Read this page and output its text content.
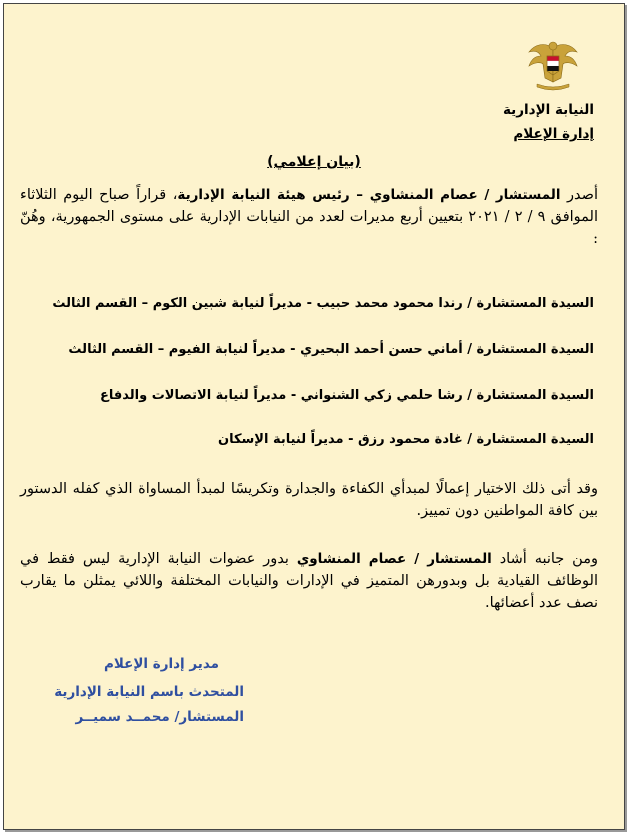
النيابة الإدارية
إدارة الإعلام
(بيان إعلامي)

أصدر المستشار / عصام المنشاوي – رئيس هيئة النيابة الإدارية، قراراً صباح اليوم الثلاثاء الموافق ٩ / ٢ / ٢٠٢١ بتعيين أربع مديرات لعدد من النيابات الإدارية على مستوى الجمهورية، وهُنّ :

السيدة المستشارة / رندا محمود محمد حبيب - مديراً لنيابة شبين الكوم – القسم الثالث
السيدة المستشارة / أماني حسن أحمد البحيري - مديراً لنيابة الفيوم – القسم الثالث
السيدة المستشارة / رشا حلمي زكي الشنواني - مديراً لنيابة الاتصالات والدفاع
السيدة المستشارة / غادة محمود رزق - مديراً لنيابة الإسكان

وقد أتى ذلك الاختيار إعمالًا لمبدأي الكفاءة والجدارة وتكريسًا لمبدأ المساواة الذي كفله الدستور بين كافة المواطنين دون تمييز.

ومن جانبه أشاد المستشار / عصام المنشاوي بدور عضوات النيابة الإدارية ليس فقط في الوظائف القيادية بل وبدورهن المتميز في الإدارات والنيابات المختلفة واللائي يمثلن ما يقارب نصف عدد أعضائها.

مدير إدارة الإعلام
المتحدث باسم النيابة الإدارية
المستشار/ محمــد سميــر
